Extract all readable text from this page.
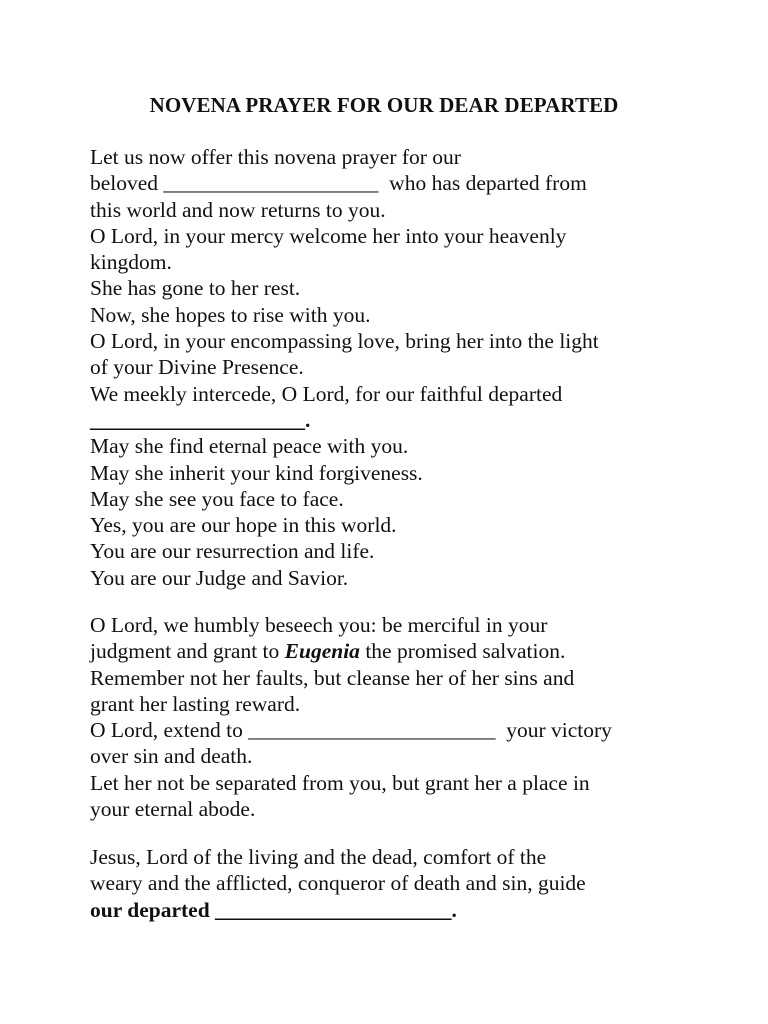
NOVENA PRAYER FOR OUR DEAR DEPARTED
Let us now offer this novena prayer for our
beloved ____________________  who has departed from
this world and now returns to you.
O Lord, in your mercy welcome her into your heavenly
kingdom.
She has gone to her rest.
Now, she hopes to rise with you.
O Lord, in your encompassing love, bring her into the light
of your Divine Presence.
We meekly intercede, O Lord, for our faithful departed
____________________.
May she find eternal peace with you.
May she inherit your kind forgiveness.
May she see you face to face.
Yes, you are our hope in this world.
You are our resurrection and life.
You are our Judge and Savior.
O Lord, we humbly beseech you: be merciful in your
judgment and grant to Eugenia the promised salvation.
Remember not her faults, but cleanse her of her sins and
grant her lasting reward.
O Lord, extend to _______________________  your victory
over sin and death.
Let her not be separated from you, but grant her a place in
your eternal abode.
Jesus, Lord of the living and the dead, comfort of the
weary and the afflicted, conqueror of death and sin, guide
our departed ______________________.
